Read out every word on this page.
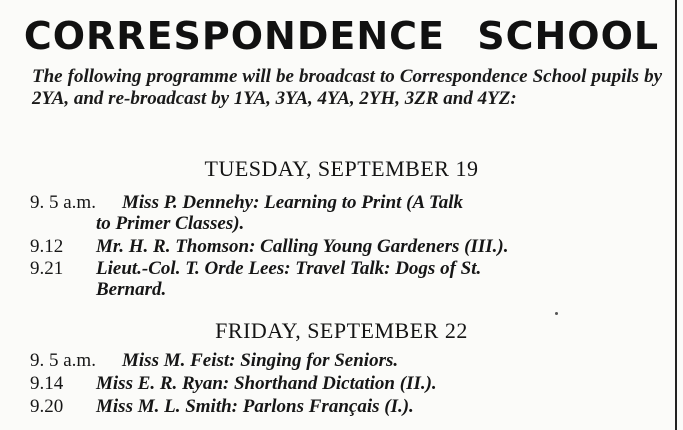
CORRESPONDENCE SCHOOL
The following programme will be broadcast to Correspondence School pupils by 2YA, and re-broadcast by 1YA, 3YA, 4YA, 2YH, 3ZR and 4YZ:
TUESDAY, SEPTEMBER 19
9. 5 a.m. Miss P. Dennehy: Learning to Print (A Talk
to Primer Classes).
9.12 Mr. H. R. Thomson: Calling Young Gardeners (III.).
9.21 Lieut.-Col. T. Orde Lees: Travel Talk: Dogs of St.
Bernard.
FRIDAY, SEPTEMBER 22
9. 5 a.m. Miss M. Feist: Singing for Seniors.
9.14 Miss E. R. Ryan: Shorthand Dictation (II.).
9.20 Miss M. L. Smith: Parlons Français (I.).
